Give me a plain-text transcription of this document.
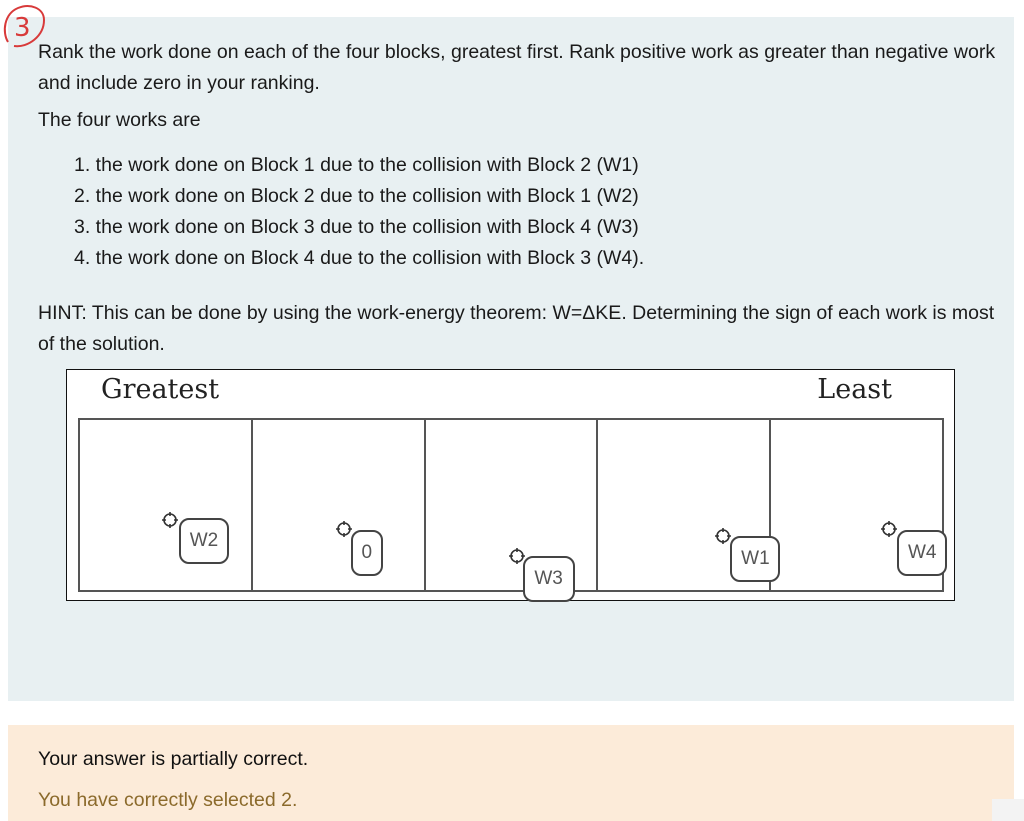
3

Rank the work done on each of the four blocks, greatest first. Rank positive work as greater than negative work and include zero in your ranking.

The four works are

1. the work done on Block 1 due to the collision with Block 2 (W1)
2. the work done on Block 2 due to the collision with Block 1 (W2)
3. the work done on Block 3 due to the collision with Block 4 (W3)
4. the work done on Block 4 due to the collision with Block 3 (W4).

HINT: This can be done by using the work-energy theorem: W=ΔKE. Determining the sign of each work is most of the solution.

Greatest	Least
W2
0
W3
W1	W4

Your answer is partially correct.

You have correctly selected 2.
